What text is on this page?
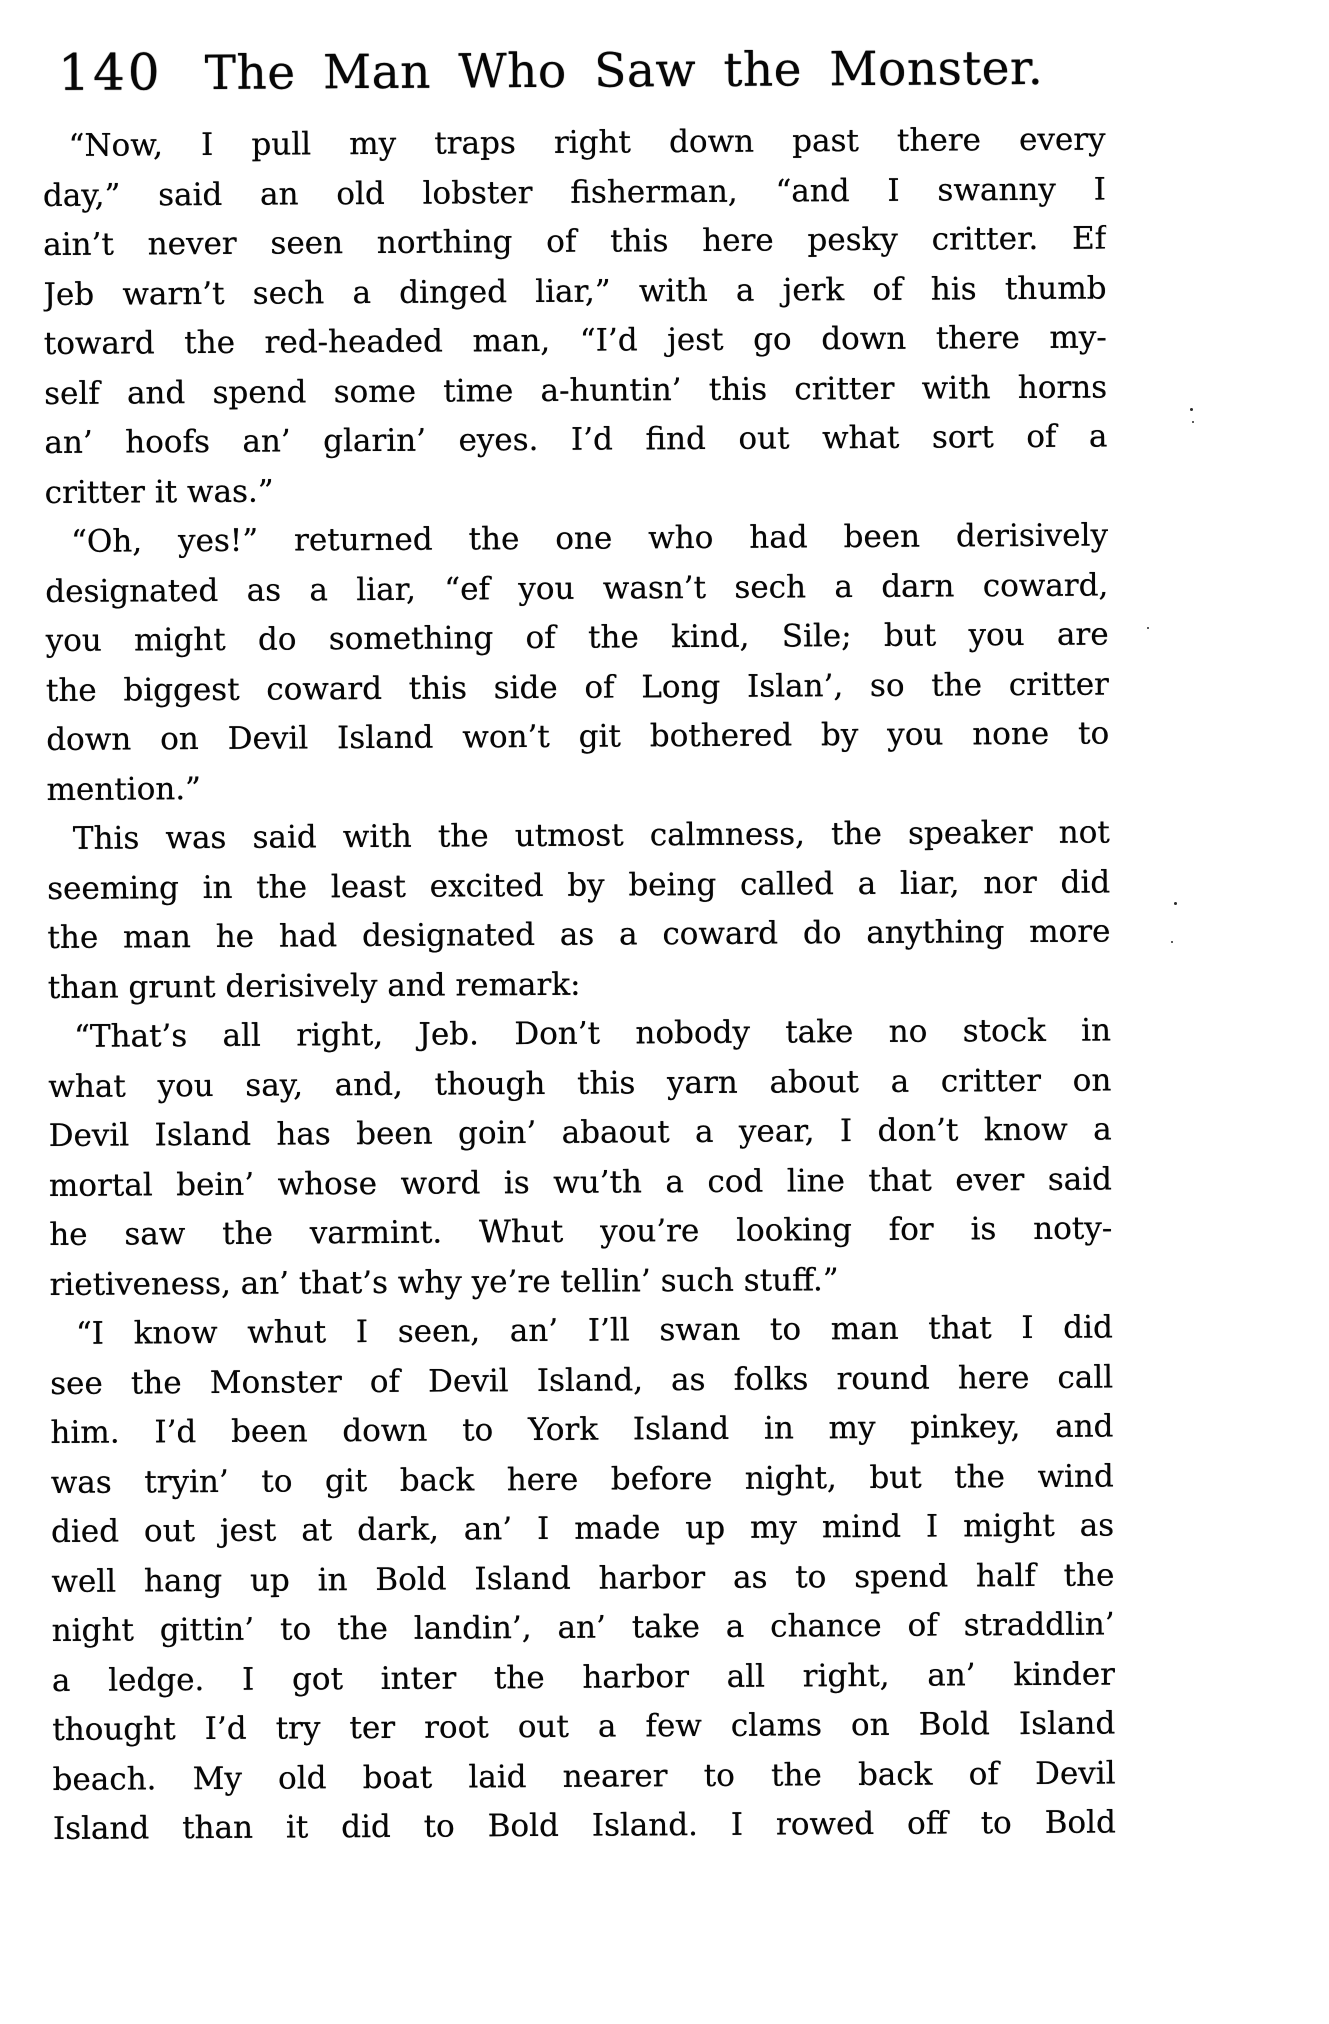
140 The Man Who Saw the Monster.
“Now, I pull my traps right down past there every
day,” said an old lobster fisherman, “and I swanny I
ain’t never seen northing of this here pesky critter. Ef
Jeb warn’t sech a dinged liar,” with a jerk of his thumb
toward the red-headed man, “I’d jest go down there my-
self and spend some time a-huntin’ this critter with horns
an’ hoofs an’ glarin’ eyes. I’d find out what sort of a
critter it was.”
“Oh, yes!” returned the one who had been derisively
designated as a liar, “ef you wasn’t sech a darn coward,
you might do something of the kind, Sile; but you are
the biggest coward this side of Long Islan’, so the critter
down on Devil Island won’t git bothered by you none to
mention.”
This was said with the utmost calmness, the speaker not
seeming in the least excited by being called a liar, nor did
the man he had designated as a coward do anything more
than grunt derisively and remark:
“That’s all right, Jeb. Don’t nobody take no stock in
what you say, and, though this yarn about a critter on
Devil Island has been goin’ abaout a year, I don’t know a
mortal bein’ whose word is wu’th a cod line that ever said
he saw the varmint. Whut you’re looking for is noty-
rietiveness, an’ that’s why ye’re tellin’ such stuff.”
“I know whut I seen, an’ I’ll swan to man that I did
see the Monster of Devil Island, as folks round here call
him. I’d been down to York Island in my pinkey, and
was tryin’ to git back here before night, but the wind
died out jest at dark, an’ I made up my mind I might as
well hang up in Bold Island harbor as to spend half the
night gittin’ to the landin’, an’ take a chance of straddlin’
a ledge. I got inter the harbor all right, an’ kinder
thought I’d try ter root out a few clams on Bold Island
beach. My old boat laid nearer to the back of Devil
Island than it did to Bold Island. I rowed off to Bold
